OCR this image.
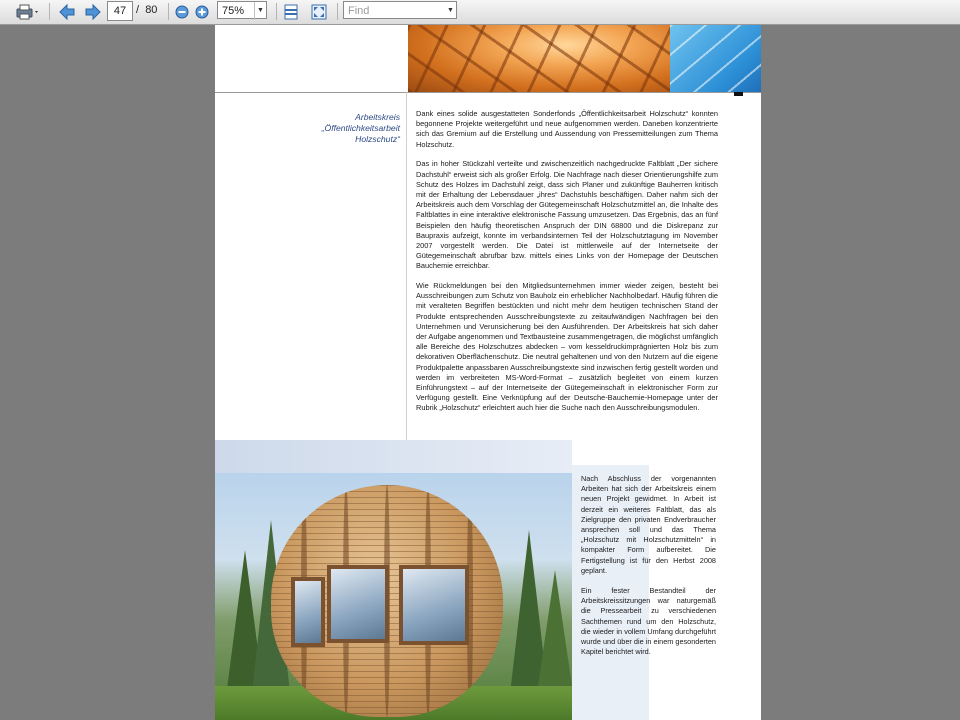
47 / 80	75%	▼	Find	▼
Arbeitskreis
„Öffentlichkeitsarbeit
Holzschutz“

Dank eines solide ausgestatteten Sonderfonds „Öffentlichkeitsarbeit Holzschutz“ konnten begonnene Projekte weitergeführt und neue aufgenommen werden. Daneben konzentrierte sich das Gremium auf die Erstellung und Aussendung von Pressemitteilungen zum Thema Holzschutz.

Das in hoher Stückzahl verteilte und zwischenzeitlich nachgedruckte Faltblatt „Der sichere Dachstuhl“ erweist sich als großer Erfolg. Die Nachfrage nach dieser Orientierungshilfe zum Schutz des Holzes im Dachstuhl zeigt, dass sich Planer und zukünftige Bauherren kritisch mit der Erhaltung der Lebensdauer „ihres“ Dachstuhls beschäftigen. Daher nahm sich der Arbeitskreis auch dem Vorschlag der Gütegemeinschaft Holzschutzmittel an, die Inhalte des Faltblattes in eine interaktive elektronische Fassung umzusetzen. Das Ergebnis, das an fünf Beispielen den häufig theoretischen Anspruch der DIN 68800 und die Diskrepanz zur Baupraxis aufzeigt, konnte im verbandsinternen Teil der Holzschutztagung im November 2007 vorgestellt werden. Die Datei ist mittlerweile auf der Internetseite der Gütegemeinschaft abrufbar bzw. mittels eines Links von der Homepage der Deutschen Bauchemie erreichbar.

Wie Rückmeldungen bei den Mitgliedsunternehmen immer wieder zeigen, besteht bei Ausschreibungen zum Schutz von Bauholz ein erheblicher Nachholbedarf. Häufig führen die mit veralteten Begriffen bestückten und nicht mehr dem heutigen technischen Stand der Produkte entsprechenden Ausschreibungstexte zu zeitaufwändigen Nachfragen bei den Unternehmen und Verunsicherung bei den Ausführenden. Der Arbeitskreis hat sich daher der Aufgabe angenommen und Textbausteine zusammengetragen, die möglichst umfänglich alle Bereiche des Holzschutzes abdecken – vom kesseldruckimprägnierten Holz bis zum dekorativen Oberflächenschutz. Die neutral gehaltenen und von den Nutzern auf die eigene Produktpalette anpassbaren Ausschreibungstexte sind inzwischen fertig gestellt worden und werden im verbreiteten MS-Word-Format – zusätzlich begleitet von einem kurzen Einführungstext – auf der Internetseite der Gütegemeinschaft in elektronischer Form zur Verfügung gestellt. Eine Verknüpfung auf der Deutsche-Bauchemie-Homepage unter der Rubrik „Holzschutz“ erleichtert auch hier die Suche nach den Ausschreibungsmodulen.

Nach Abschluss der vorgenannten Arbeiten hat sich der Arbeitskreis einem neuen Projekt gewidmet. In Arbeit ist derzeit ein weiteres Faltblatt, das als Zielgruppe den privaten Endverbraucher ansprechen soll und das Thema „Holzschutz mit Holzschutzmitteln“ in kompakter Form aufbereitet. Die Fertigstellung ist für den Herbst 2008 geplant.

Ein fester Bestandteil der Arbeitskreissitzungen war naturgemäß die Pressearbeit zu verschiedenen Sachthemen rund um den Holzschutz, die wieder in vollem Umfang durchgeführt wurde und über die in einem gesonderten Kapitel berichtet wird.
